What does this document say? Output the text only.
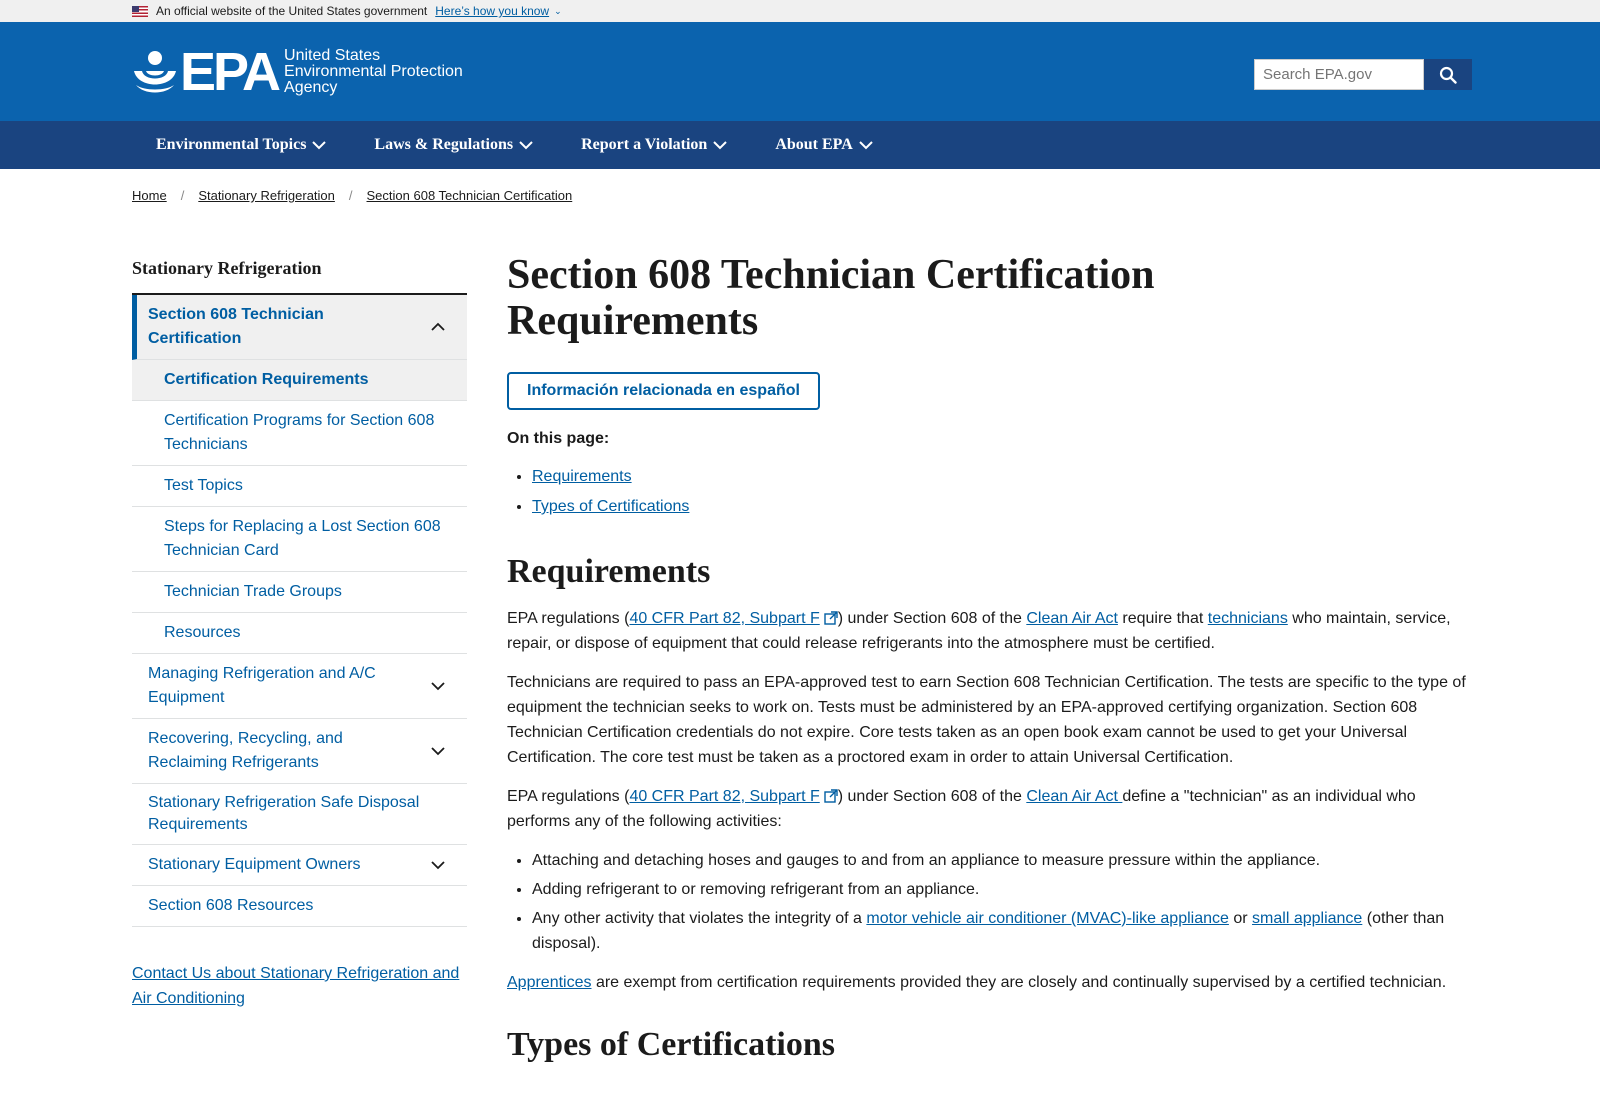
An official website of the United States government Here’s how you know ⌄
EPA United States
Environmental Protection
Agency
Search EPA.gov
Environmental Topics	Laws & Regulations	Report a Violation	About EPA
Home / Stationary Refrigeration / Section 608 Technician Certification
Stationary Refrigeration
Section 608 Technician Certification
Certification Requirements
Certification Programs for Section 608 Technicians
Test Topics
Steps for Replacing a Lost Section 608 Technician Card
Technician Trade Groups
Resources
Managing Refrigeration and A/C Equipment
Recovering, Recycling, and Reclaiming Refrigerants
Stationary Refrigeration Safe Disposal Requirements
Stationary Equipment Owners
Section 608 Resources
Contact Us about Stationary Refrigeration and Air Conditioning
Section 608 Technician Certification Requirements
Información relacionada en español
On this page:
• Requirements
• Types of Certifications
Requirements

EPA regulations (40 CFR Part 82, Subpart F ) under Section 608 of the Clean Air Act require that technicians who maintain, service, repair, or dispose of equipment that could release refrigerants into the atmosphere must be certified.

Technicians are required to pass an EPA-approved test to earn Section 608 Technician Certification. The tests are specific to the type of equipment the technician seeks to work on. Tests must be administered by an EPA-approved certifying organization. Section 608 Technician Certification credentials do not expire. Core tests taken as an open book exam cannot be used to get your Universal Certification. The core test must be taken as a proctored exam in order to attain Universal Certification.

EPA regulations (40 CFR Part 82, Subpart F ) under Section 608 of the Clean Air Act define a "technician" as an individual who performs any of the following activities:

• Attaching and detaching hoses and gauges to and from an appliance to measure pressure within the appliance.
• Adding refrigerant to or removing refrigerant from an appliance.
• Any other activity that violates the integrity of a motor vehicle air conditioner (MVAC)-like appliance or small appliance (other than disposal).

Apprentices are exempt from certification requirements provided they are closely and continually supervised by a certified technician.

Types of Certifications
